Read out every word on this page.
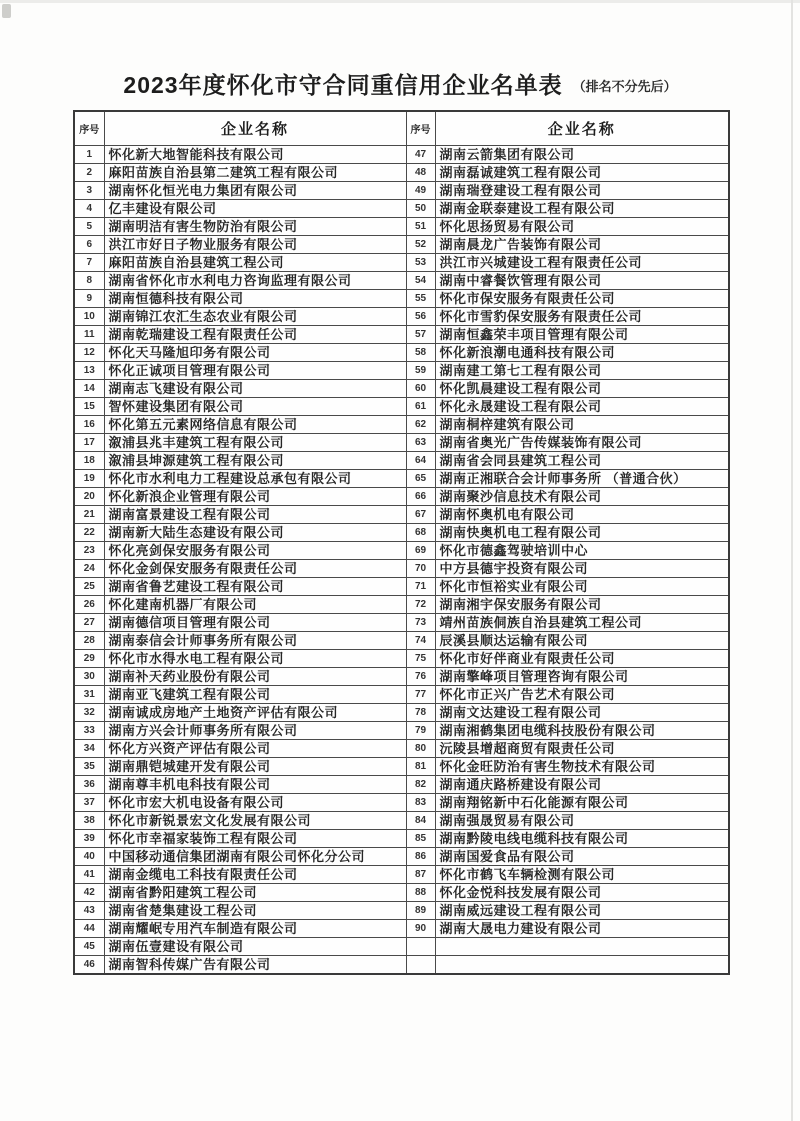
2023年度怀化市守合同重信用企业名单表 （排名不分先后）
序号	企业名称	序号	企业名称
1	怀化新大地智能科技有限公司	47	湖南云箭集团有限公司
2	麻阳苗族自治县第二建筑工程有限公司	48	湖南磊诚建筑工程有限公司
3	湖南怀化恒光电力集团有限公司	49	湖南瑞登建设工程有限公司
4	亿丰建设有限公司	50	湖南金联泰建设工程有限公司
5	湖南明洁有害生物防治有限公司	51	怀化思扬贸易有限公司
6	洪江市好日子物业服务有限公司	52	湖南晨龙广告装饰有限公司
7	麻阳苗族自治县建筑工程公司	53	洪江市兴城建设工程有限责任公司
8	湖南省怀化市水利电力咨询监理有限公司	54	湖南中睿餐饮管理有限公司
9	湖南恒德科技有限公司	55	怀化市保安服务有限责任公司
10	湖南锦江农汇生态农业有限公司	56	怀化市雪豹保安服务有限责任公司
11	湖南乾瑞建设工程有限责任公司	57	湖南恒鑫荣丰项目管理有限公司
12	怀化天马隆旭印务有限公司	58	怀化新浪潮电通科技有限公司
13	怀化正诚项目管理有限公司	59	湖南建工第七工程有限公司
14	湖南志飞建设有限公司	60	怀化凯晨建设工程有限公司
15	智怀建设集团有限公司	61	怀化永晟建设工程有限公司
16	怀化第五元素网络信息有限公司	62	湖南桐梓建筑有限公司
17	溆浦县兆丰建筑工程有限公司	63	湖南省奥光广告传媒装饰有限公司
18	溆浦县坤源建筑工程有限公司	64	湖南省会同县建筑工程公司
19	怀化市水利电力工程建设总承包有限公司	65	湖南正湘联合会计师事务所 （普通合伙）
20	怀化新浪企业管理有限公司	66	湖南聚沙信息技术有限公司
21	湖南富景建设工程有限公司	67	湖南怀奥机电有限公司
22	湖南新大陆生态建设有限公司	68	湖南快奥机电工程有限公司
23	怀化亮剑保安服务有限公司	69	怀化市德鑫驾驶培训中心
24	怀化金剑保安服务有限责任公司	70	中方县德宇投资有限公司
25	湖南省鲁艺建设工程有限公司	71	怀化市恒裕实业有限公司
26	怀化建南机器厂有限公司	72	湖南湘宇保安服务有限公司
27	湖南德信项目管理有限公司	73	靖州苗族侗族自治县建筑工程公司
28	湖南泰信会计师事务所有限公司	74	辰溪县顺达运输有限公司
29	怀化市水得水电工程有限公司	75	怀化市好伴商业有限责任公司
30	湖南补天药业股份有限公司	76	湖南擎峰项目管理咨询有限公司
31	湖南亚飞建筑工程有限公司	77	怀化市正兴广告艺术有限公司
32	湖南诚成房地产土地资产评估有限公司	78	湖南文达建设工程有限公司
33	湖南方兴会计师事务所有限公司	79	湖南湘鹤集团电缆科技股份有限公司
34	怀化方兴资产评估有限公司	80	沅陵县增超商贸有限责任公司
35	湖南鼎铠城建开发有限公司	81	怀化金旺防治有害生物技术有限公司
36	湖南尊丰机电科技有限公司	82	湖南通庆路桥建设有限公司
37	怀化市宏大机电设备有限公司	83	湖南翔铭新中石化能源有限公司
38	怀化市新锐景宏文化发展有限公司	84	湖南强晟贸易有限公司
39	怀化市幸福家装饰工程有限公司	85	湖南黔陵电线电缆科技有限公司
40	中国移动通信集团湖南有限公司怀化分公司	86	湖南国爱食品有限公司
41	湖南金缆电工科技有限责任公司	87	怀化市鹤飞车辆检测有限公司
42	湖南省黔阳建筑工程公司	88	怀化金悦科技发展有限公司
43	湖南省楚集建设工程公司	89	湖南威远建设工程有限公司
44	湖南耀岷专用汽车制造有限公司	90	湖南大晟电力建设有限公司
45	湖南伍壹建设有限公司		
46	湖南智科传媒广告有限公司		
